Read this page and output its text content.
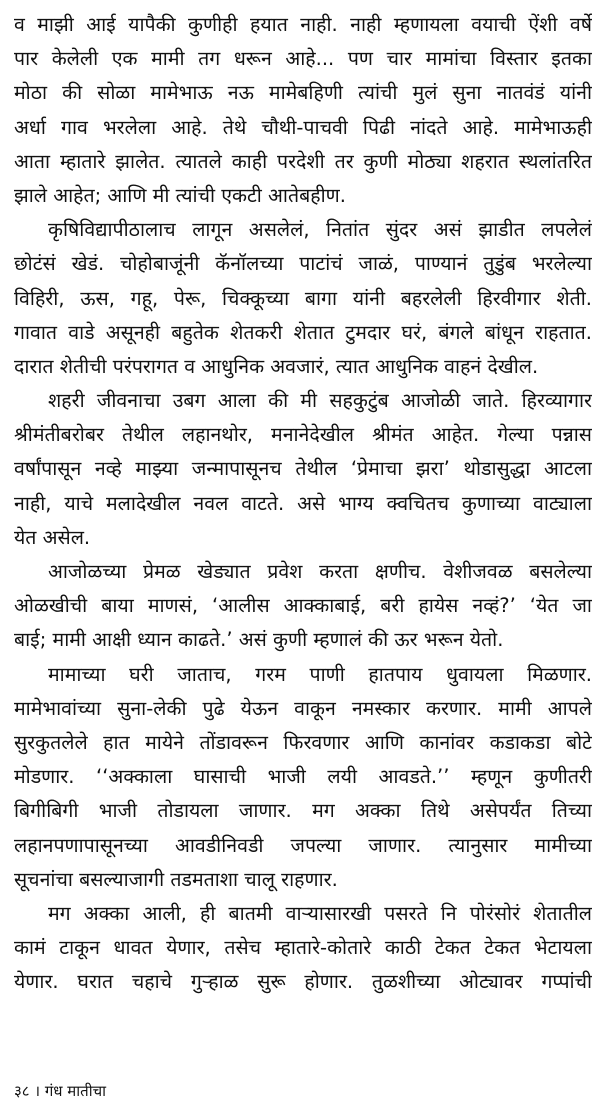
व माझी आई यापैकी कुणीही हयात नाही. नाही म्हणायला वयाची ऐंशी वर्षे
पार केलेली एक मामी तग धरून आहे... पण चार मामांचा विस्तार इतका
मोठा की सोळा मामेभाऊ नऊ मामेबहिणी त्यांची मुलं सुना नातवंडं यांनी
अर्धा गाव भरलेला आहे. तेथे चौथी-पाचवी पिढी नांदते आहे. मामेभाऊही
आता म्हातारे झालेत. त्यातले काही परदेशी तर कुणी मोठ्या शहरात स्थलांतरित
झाले आहेत; आणि मी त्यांची एकटी आतेबहीण.
कृषिविद्यापीठालाच लागून असलेलं, नितांत सुंदर असं झाडीत लपलेलं
छोटंसं खेडं. चोहोबाजूंनी कॅनॉलच्या पाटांचं जाळं, पाण्यानं तुडुंब भरलेल्या
विहिरी, ऊस, गहू, पेरू, चिक्कूच्या बागा यांनी बहरलेली हिरवीगार शेती.
गावात वाडे असूनही बहुतेक शेतकरी शेतात टुमदार घरं, बंगले बांधून राहतात.
दारात शेतीची परंपरागत व आधुनिक अवजारं, त्यात आधुनिक वाहनं देखील.
शहरी जीवनाचा उबग आला की मी सहकुटुंब आजोळी जाते. हिरव्यागार
श्रीमंतीबरोबर तेथील लहानथोर, मनानेदेखील श्रीमंत आहेत. गेल्या पन्नास
वर्षांपासून नव्हे माझ्या जन्मापासूनच तेथील ‘प्रेमाचा झरा’ थोडासुद्धा आटला
नाही, याचे मलादेखील नवल वाटते. असे भाग्य क्वचितच कुणाच्या वाट्याला
येत असेल.
आजोळच्या प्रेमळ खेड्यात प्रवेश करता क्षणीच. वेशीजवळ बसलेल्या
ओळखीची बाया माणसं, ‘आलीस आक्काबाई, बरी हायेस नव्हं?’ ‘येत जा
बाई; मामी आक्षी ध्यान काढते.’ असं कुणी म्हणालं की ऊर भरून येतो.
मामाच्या घरी जाताच, गरम पाणी हातपाय धुवायला मिळणार.
मामेभावांच्या सुना-लेकी पुढे येऊन वाकून नमस्कार करणार. मामी आपले
सुरकुतलेले हात मायेने तोंडावरून फिरवणार आणि कानांवर कडाकडा बोटे
मोडणार. ‘‘अक्काला घासाची भाजी लयी आवडते.’’ म्हणून कुणीतरी
बिगीबिगी भाजी तोडायला जाणार. मग अक्का तिथे असेपर्यंत तिच्या
लहानपणापासूनच्या आवडीनिवडी जपल्या जाणार. त्यानुसार मामीच्या
सूचनांचा बसल्याजागी तडमताशा चालू राहणार.
मग अक्का आली, ही बातमी वाऱ्यासारखी पसरते नि पोरंसोरं शेतातील
कामं टाकून धावत येणार, तसेच म्हातारे-कोतारे काठी टेकत टेकत भेटायला
येणार. घरात चहाचे गुऱ्हाळ सुरू होणार. तुळशीच्या ओट्यावर गप्पांची
३८ । गंध मातीचा
